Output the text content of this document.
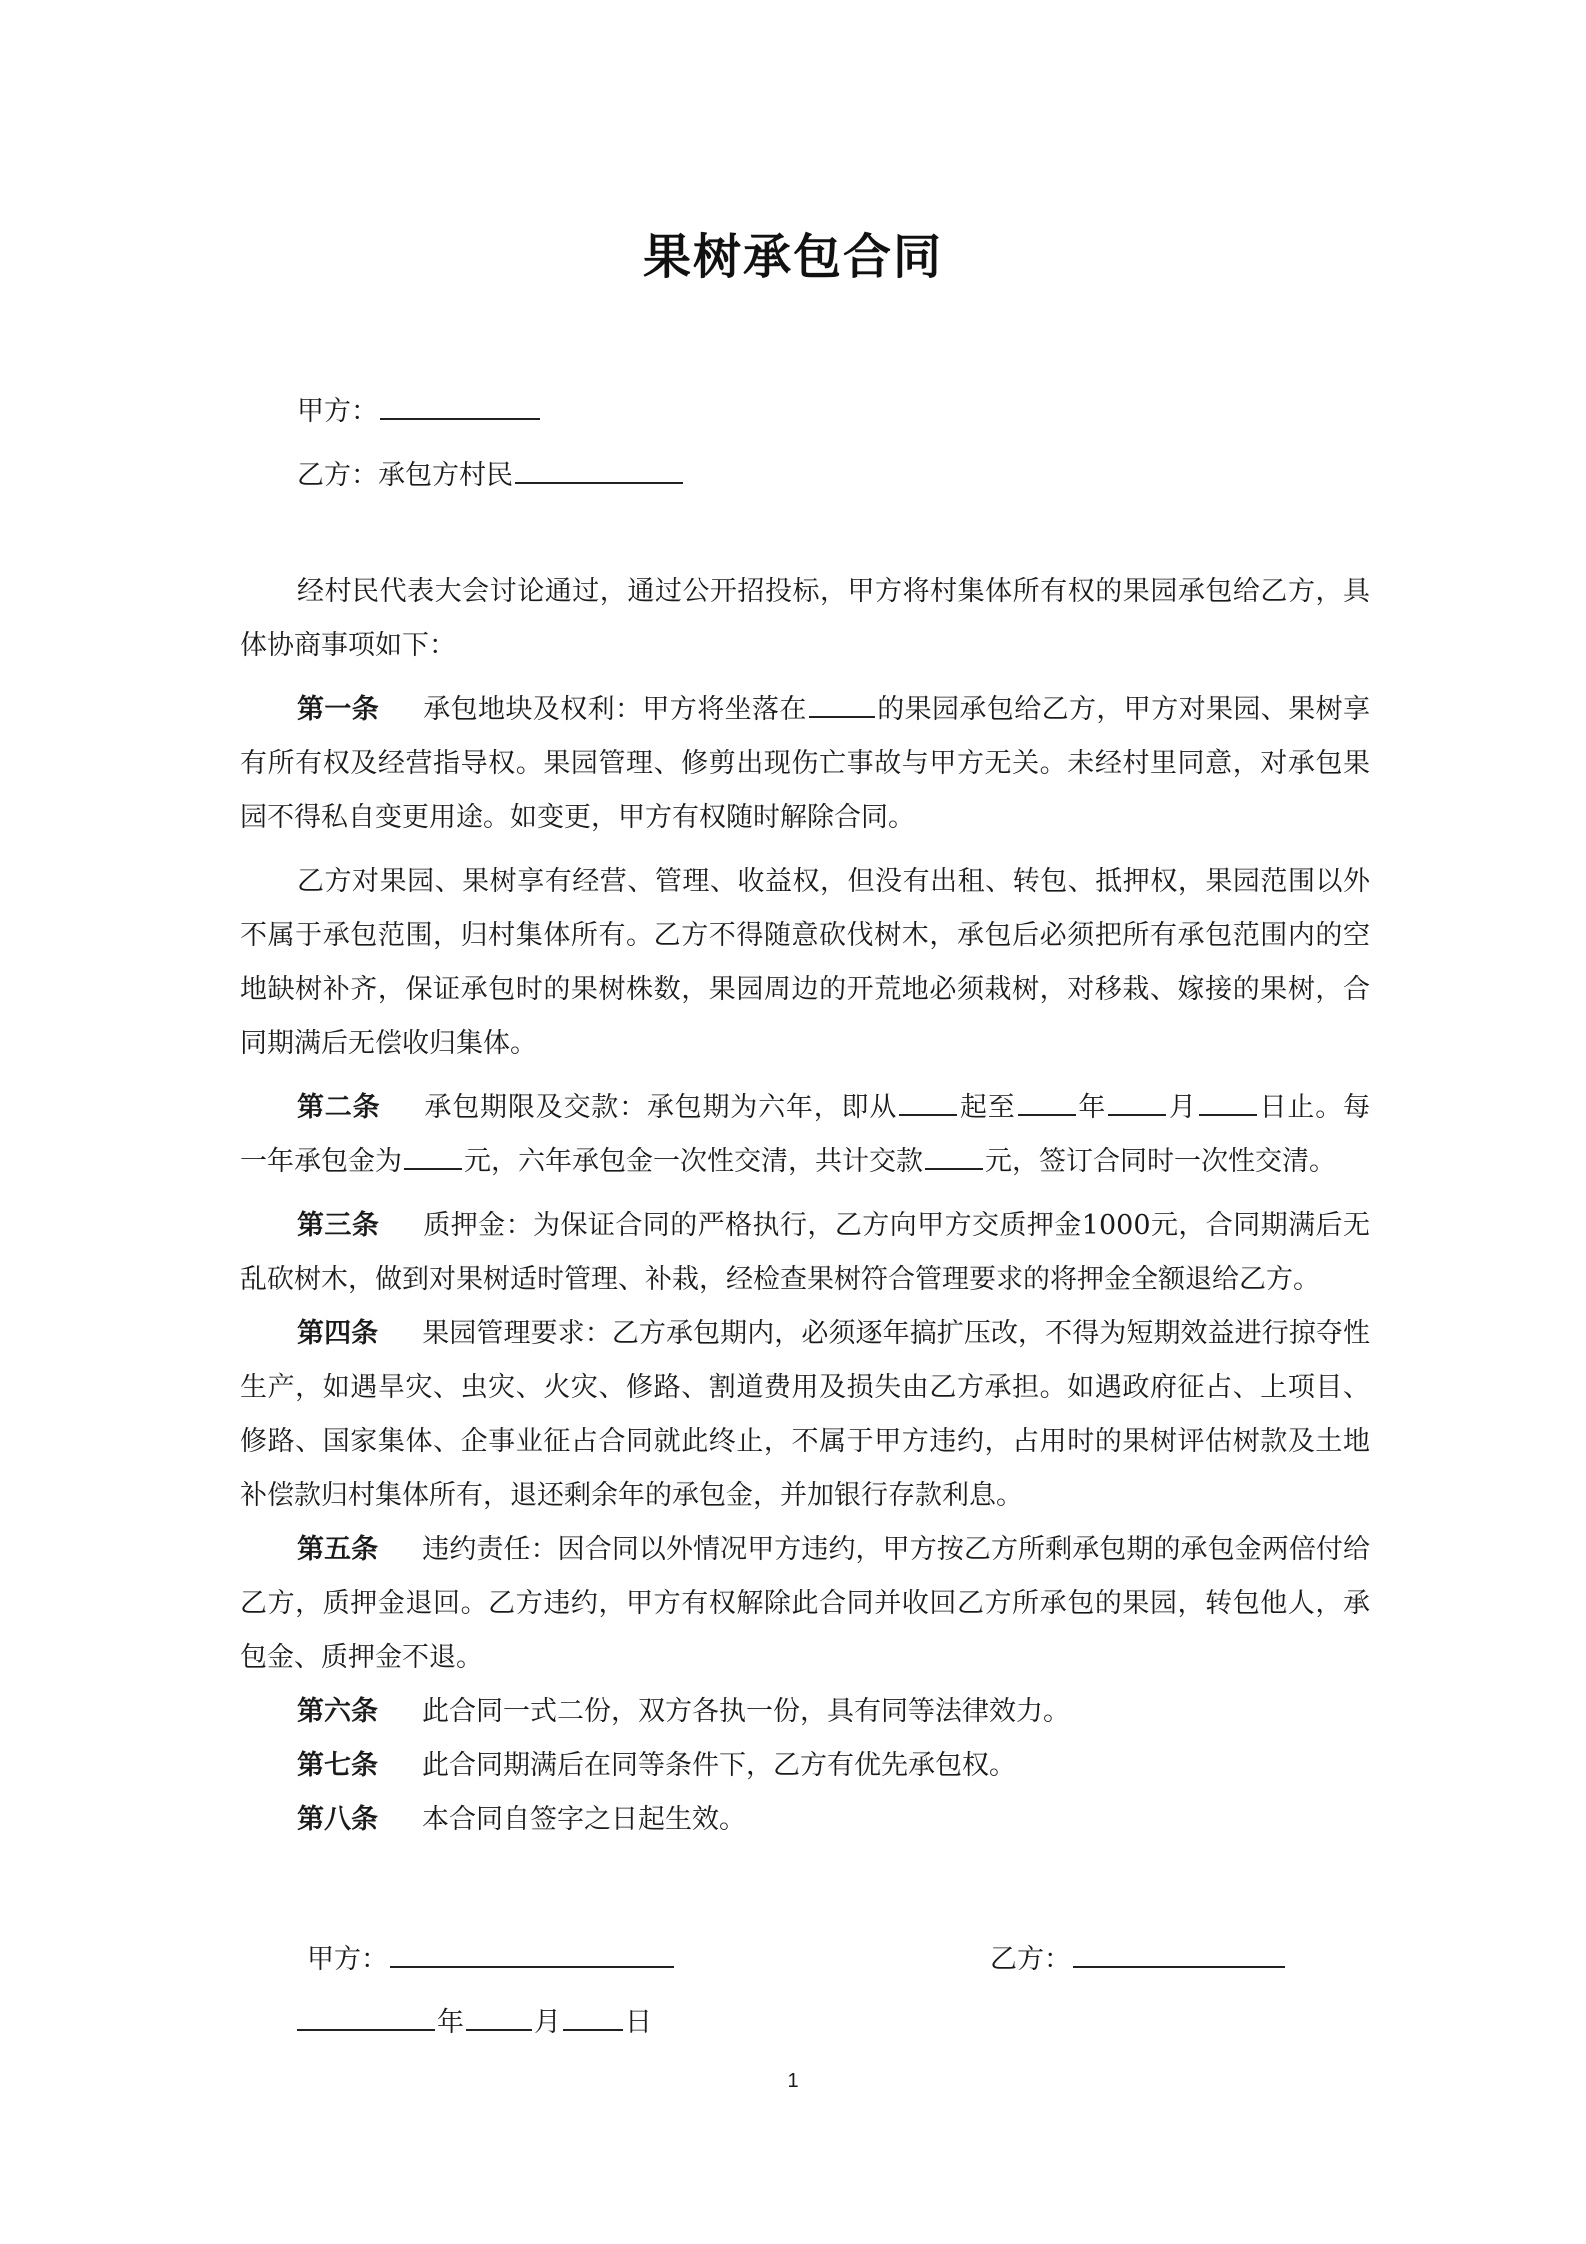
果树承包合同
甲方：
乙方：承包方村民

经村民代表大会讨论通过，通过公开招投标，甲方将村集体所有权的果园承包给乙方，具体协商事项如下：

第一条 承包地块及权利：甲方将坐落在	的果园承包给乙方，甲方对果园、果树享有所有权及经营指导权。果园管理、修剪出现伤亡事故与甲方无关。未经村里同意，对承包果园不得私自变更用途。如变更，甲方有权随时解除合同。

乙方对果园、果树享有经营、管理、收益权，但没有出租、转包、抵押权，果园范围以外不属于承包范围，归村集体所有。乙方不得随意砍伐树木，承包后必须把所有承包范围内的空地缺树补齐，保证承包时的果树株数，果园周边的开荒地必须栽树，对移栽、嫁接的果树，合同期满后无偿收归集体。

第二条 承包期限及交款：承包期为六年，即从 起至 年 月 日止。每一年承包金为 元，六年承包金一次性交清，共计交款 元，签订合同时一次性交清。

第三条 质押金：为保证合同的严格执行，乙方向甲方交质押金1000元，合同期满后无乱砍树木，做到对果树适时管理、补栽，经检查果树符合管理要求的将押金全额退给乙方。

第四条 果园管理要求：乙方承包期内，必须逐年搞扩压改，不得为短期效益进行掠夺性生产，如遇旱灾、虫灾、火灾、修路、割道费用及损失由乙方承担。如遇政府征占、上项目、修路、国家集体、企事业征占合同就此终止，不属于甲方违约，占用时的果树评估树款及土地补偿款归村集体所有，退还剩余年的承包金，并加银行存款利息。

第五条 违约责任：因合同以外情况甲方违约，甲方按乙方所剩承包期的承包金两倍付给乙方，质押金退回。乙方违约，甲方有权解除此合同并收回乙方所承包的果园，转包他人，承包金、质押金不退。

第六条 此合同一式二份，双方各执一份，具有同等法律效力。

第七条 此合同期满后在同等条件下，乙方有优先承包权。

第八条 本合同自签字之日起生效。

甲方：	乙方：
年	月 日
1
